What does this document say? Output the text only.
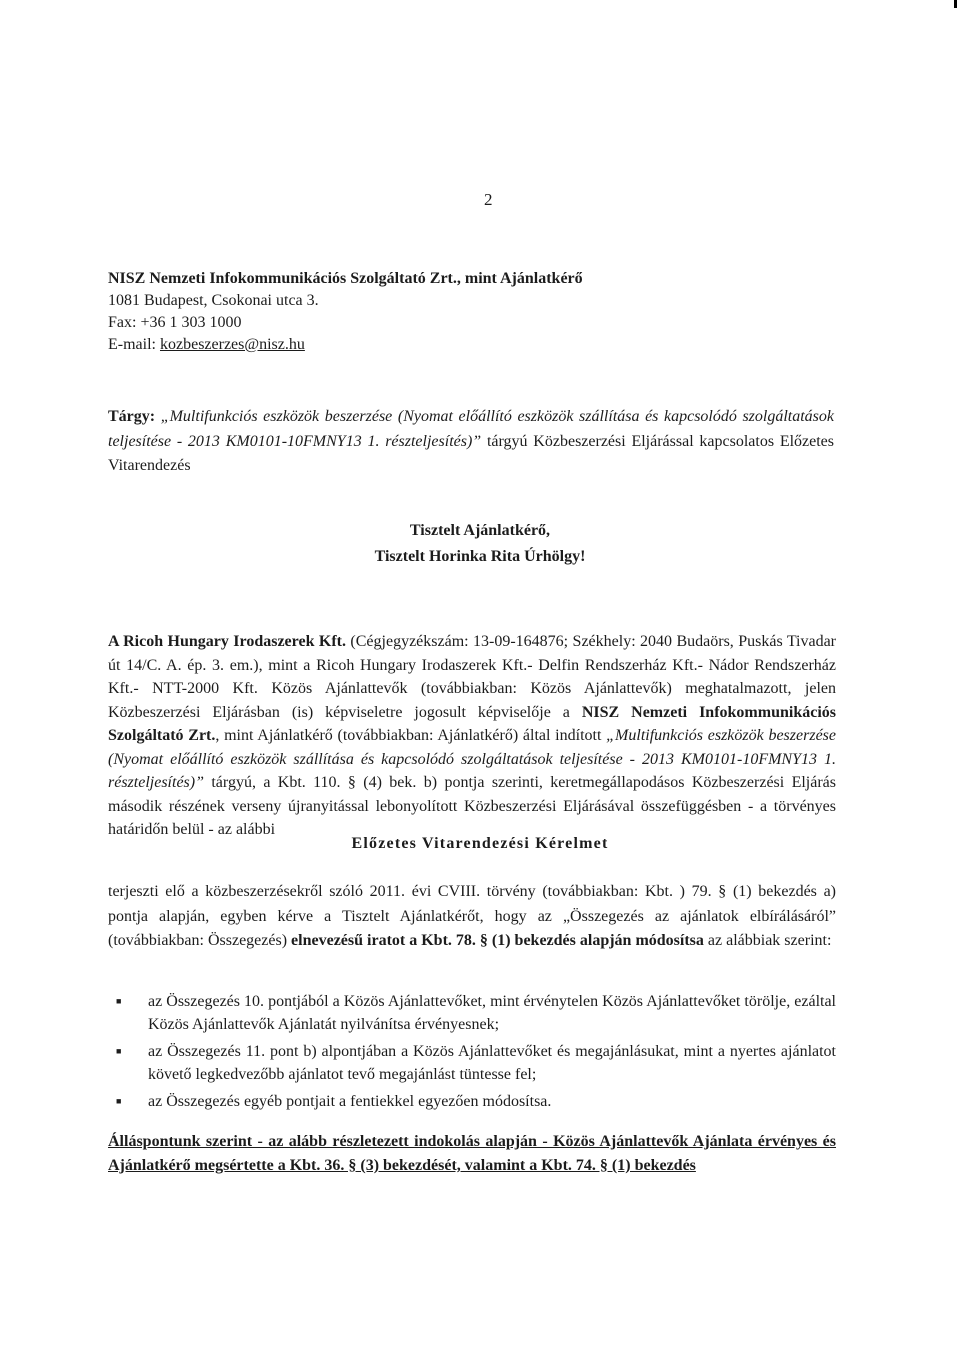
2
NISZ Nemzeti Infokommunikációs Szolgáltató Zrt., mint Ajánlatkérő
1081 Budapest, Csokonai utca 3.
Fax: +36 1 303 1000
E-mail: kozbeszerzes@nisz.hu
Tárgy: „Multifunkciós eszközök beszerzése (Nyomat előállító eszközök szállítása és kapcsolódó szolgáltatások teljesítése - 2013 KM0101-10FMNY13 1. részteljesítés)” tárgyú Közbeszerzési Eljárással kapcsolatos Előzetes Vitarendezés
Tisztelt Ajánlatkérő,
Tisztelt Horinka Rita Úrhölgy!
A Ricoh Hungary Irodaszerek Kft. (Cégjegyzékszám: 13-09-164876; Székhely: 2040 Budaörs, Puskás Tivadar út 14/C. A. ép. 3. em.), mint a Ricoh Hungary Irodaszerek Kft.- Delfin Rendszerház Kft.- Nádor Rendszerház Kft.- NTT-2000 Kft. Közös Ajánlattevők (továbbiakban: Közös Ajánlattevők) meghatalmazott, jelen Közbeszerzési Eljárásban (is) képviseletre jogosult képviselője a NISZ Nemzeti Infokommunikációs Szolgáltató Zrt., mint Ajánlatkérő (továbbiakban: Ajánlatkérő) által indított „Multifunkciós eszközök beszerzése (Nyomat előállító eszközök szállítása és kapcsolódó szolgáltatások teljesítése - 2013 KM0101-10FMNY13 1. részteljesítés)” tárgyú, a Kbt. 110. § (4) bek. b) pontja szerinti, keretmegállapodásos Közbeszerzési Eljárás második részének verseny újranyitással lebonyolított Közbeszerzési Eljárásával összefüggésben - a törvényes határidőn belül - az alábbi
Előzetes Vitarendezési Kérelmet
terjeszti elő a közbeszerzésekről szóló 2011. évi CVIII. törvény (továbbiakban: Kbt. ) 79. § (1) bekezdés a) pontja alapján, egyben kérve a Tisztelt Ajánlatkérőt, hogy az „Összegezés az ajánlatok elbírálásáról” (továbbiakban: Összegezés) elnevezésű iratot a Kbt. 78. § (1) bekezdés alapján módosítsa az alábbiak szerint:
■ az Összegezés 10. pontjából a Közös Ajánlattevőket, mint érvénytelen Közös Ajánlattevőket törölje, ezáltal Közös Ajánlattevők Ajánlatát nyilvánítsa érvényesnek;
■ az Összegezés 11. pont b) alpontjában a Közös Ajánlattevőket és megajánlásukat, mint a nyertes ajánlatot követő legkedvezőbb ajánlatot tevő megajánlást tüntesse fel;
■ az Összegezés egyéb pontjait a fentiekkel egyezően módosítsa.
Álláspontunk szerint - az alább részletezett indokolás alapján - Közös Ajánlattevők Ajánlata érvényes és Ajánlatkérő megsértette a Kbt. 36. § (3) bekezdését, valamint a Kbt. 74. § (1) bekezdés
